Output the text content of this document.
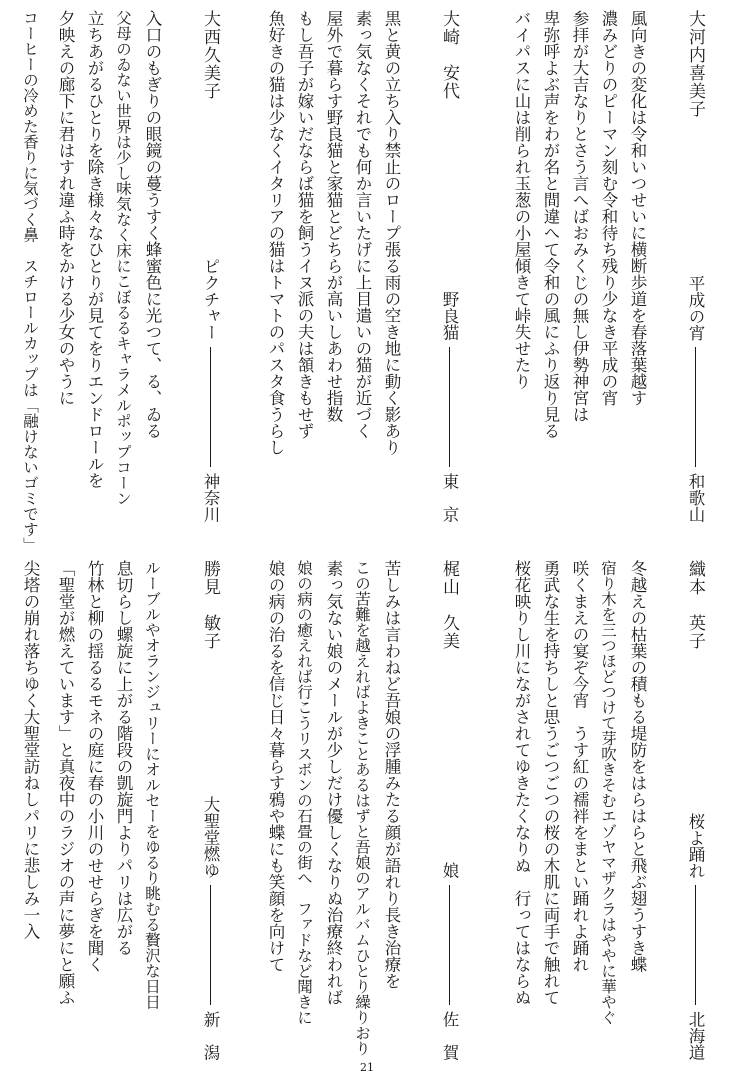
大河内喜美子
平成の宵
和歌山
風向きの変化は令和いつせいに横断歩道を春落葉越す
濃みどりのピーマン刻む令和待ち残り少なき平成の宵
参拝が大吉なりとさう言へばおみくじの無し伊勢神宮は
卑弥呼よぶ声をわが名と間違へて令和の風にふり返り見る
バイパスに山は削られ玉葱の小屋傾きて峠失せたり
大崎　安代
野良猫
東　京
黒と黄の立ち入り禁止のロープ張る雨の空き地に動く影あり
素っ気なくそれでも何か言いたげに上目遣いの猫が近づく
屋外で暮らす野良猫と家猫とどちらが高いしあわせ指数
もし吾子が嫁いだならば猫を飼うイヌ派の夫は頷きもせず
魚好きの猫は少なくイタリアの猫はトマトのパスタ食うらし
大西久美子
ピクチャー
神奈川
入口のもぎりの眼鏡の蔓うすく蜂蜜色に光つて、る、ゐる
父母のゐない世界は少し味気なく床にこぼるるキャラメルポップコーン
立ちあがるひとりを除き様々なひとりが見てをりエンドロールを
夕映えの廊下に君はすれ違ふ時をかける少女のやうに
コーヒーの冷めた香りに気づく鼻　スチロールカップは「融けないゴミです」
織本　英子
桜よ踊れ
北海道
冬越えの枯葉の積もる堤防をはらはらと飛ぶ翅うすき蝶
宿り木を三つほどつけて芽吹きそむエゾヤマザクラはややに華やぐ
咲くまえの宴ぞ今宵　うす紅の襦袢をまとい踊れよ踊れ
勇武な生を持ちしと思うごつごつの桜の木肌に両手で触れて
桜花映りし川にながされてゆきたくなりぬ　行ってはならぬ
梶山　久美
娘
佐　賀
苦しみは言わねど吾娘の浮腫みたる顔が語れり長き治療を
この苦難を越えればよきことあるはずと吾娘のアルバムひとり繰りおり
素っ気ない娘のメールが少しだけ優しくなりぬ治療終われば
娘の病の癒えれば行こうリスボンの石畳の街へ　ファドなど聞きに
娘の病の治るを信じ日々暮らす鴉や蝶にも笑顔を向けて
勝見　敏子
大聖堂燃ゆ
新　潟
ルーブルやオランジュリーにオルセーをゆるり眺むる贅沢な日日
息切らし螺旋に上がる階段の凱旋門よりパリは広がる
竹林と柳の揺るるモネの庭に春の小川のせせらぎを聞く
「聖堂が燃えています」と真夜中のラジオの声に夢にと願ふ
尖塔の崩れ落ちゆく大聖堂訪ねしパリに悲しみ一入
21
